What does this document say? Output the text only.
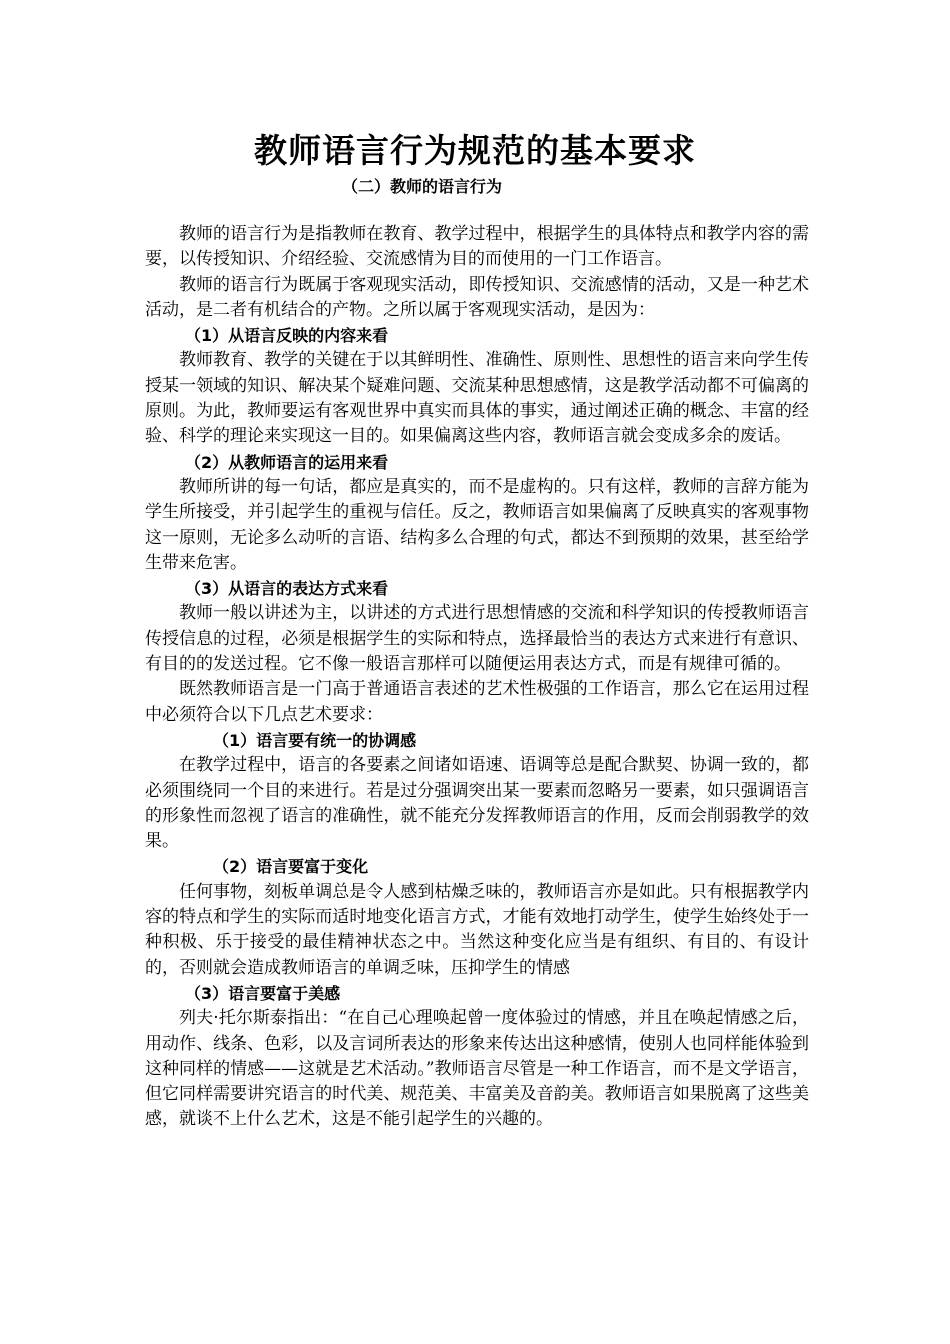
教师语言行为规范的基本要求
（二）教师的语言行为

教师的语言行为是指教师在教育、教学过程中，根据学生的具体特点和教学内容的需要，以传授知识、介绍经验、交流感情为目的而使用的一门工作语言。

教师的语言行为既属于客观现实活动，即传授知识、交流感情的活动，又是一种艺术活动，是二者有机结合的产物。之所以属于客观现实活动，是因为：

（1）从语言反映的内容来看

教师教育、教学的关键在于以其鲜明性、准确性、原则性、思想性的语言来向学生传授某一领域的知识、解决某个疑难问题、交流某种思想感情，这是教学活动都不可偏离的原则。为此，教师要运有客观世界中真实而具体的事实，通过阐述正确的概念、丰富的经验、科学的理论来实现这一目的。如果偏离这些内容，教师语言就会变成多余的废话。

（2）从教师语言的运用来看

教师所讲的每一句话，都应是真实的，而不是虚构的。只有这样，教师的言辞方能为学生所接受，并引起学生的重视与信任。反之，教师语言如果偏离了反映真实的客观事物这一原则，无论多么动听的言语、结构多么合理的句式，都达不到预期的效果，甚至给学生带来危害。

（3）从语言的表达方式来看

教师一般以讲述为主，以讲述的方式进行思想情感的交流和科学知识的传授教师语言传授信息的过程，必须是根据学生的实际和特点，选择最恰当的表达方式来进行有意识、有目的的发送过程。它不像一般语言那样可以随便运用表达方式，而是有规律可循的。

既然教师语言是一门高于普通语言表述的艺术性极强的工作语言，那么它在运用过程中必须符合以下几点艺术要求：

（1）语言要有统一的协调感

在教学过程中，语言的各要素之间诸如语速、语调等总是配合默契、协调一致的，都必须围绕同一个目的来进行。若是过分强调突出某一要素而忽略另一要素，如只强调语言的形象性而忽视了语言的准确性，就不能充分发挥教师语言的作用，反而会削弱教学的效果。

（2）语言要富于变化

任何事物，刻板单调总是令人感到枯燥乏味的，教师语言亦是如此。只有根据教学内容的特点和学生的实际而适时地变化语言方式，才能有效地打动学生，使学生始终处于一种积极、乐于接受的最佳精神状态之中。当然这种变化应当是有组织、有目的、有设计的，否则就会造成教师语言的单调乏味，压抑学生的情感

（3）语言要富于美感

列夫·托尔斯泰指出：“在自己心理唤起曾一度体验过的情感，并且在唤起情感之后，用动作、线条、色彩，以及言词所表达的形象来传达出这种感情，使别人也同样能体验到这种同样的情感——这就是艺术活动。”教师语言尽管是一种工作语言，而不是文学语言，但它同样需要讲究语言的时代美、规范美、丰富美及音韵美。教师语言如果脱离了这些美感，就谈不上什么艺术，这是不能引起学生的兴趣的。
